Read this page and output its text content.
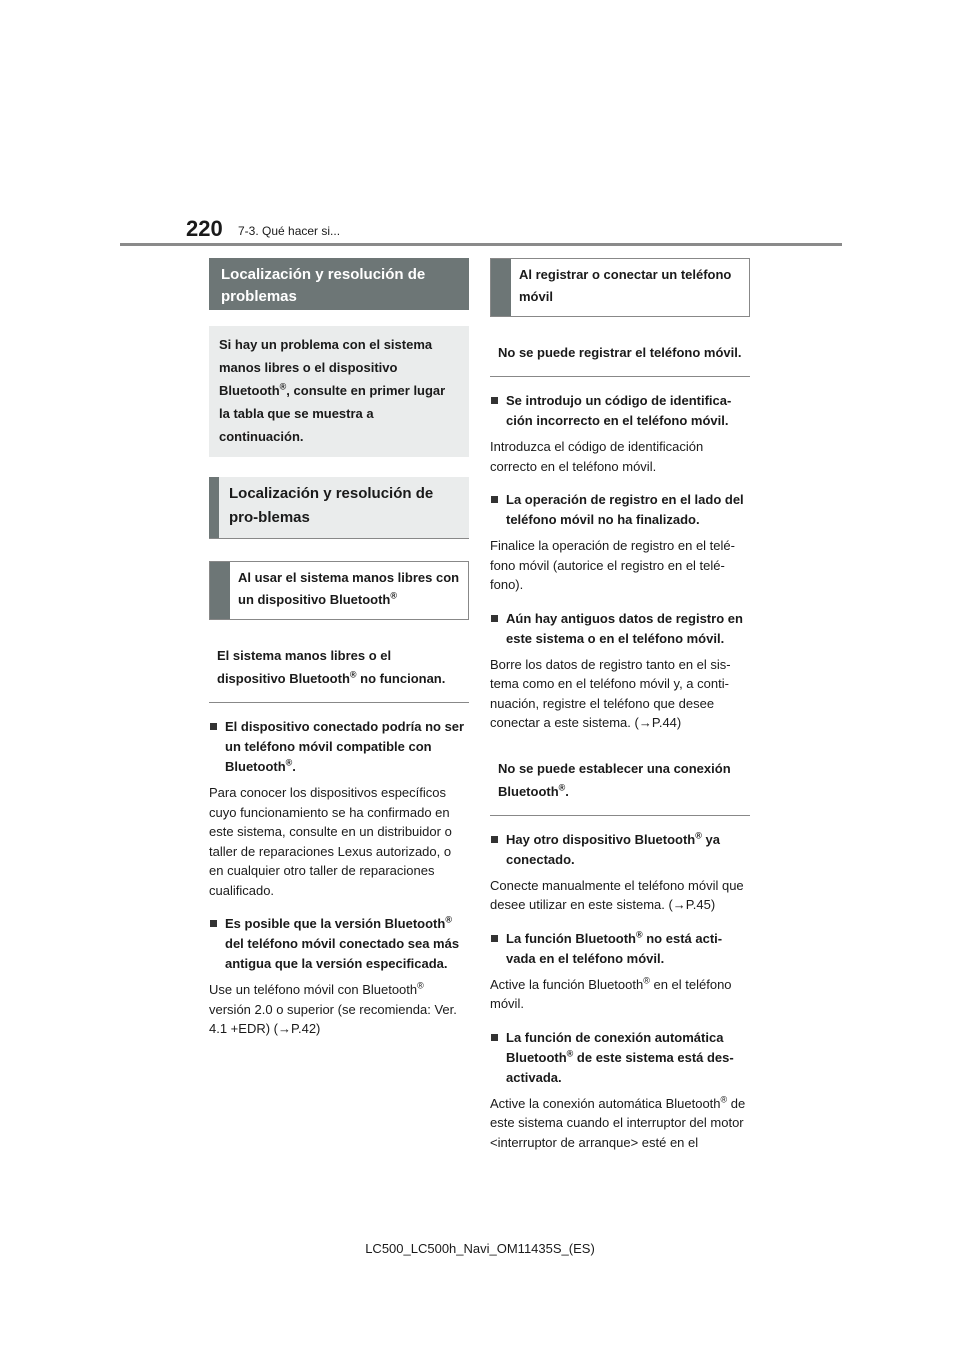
220 7-3. Qué hacer si...
Localización y resolución de problemas
Si hay un problema con el sistema manos libres o el dispositivo Bluetooth®, consulte en primer lugar la tabla que se muestra a continuación.
Localización y resolución de pro-blemas
Al usar el sistema manos libres con un dispositivo Bluetooth®
El sistema manos libres o el dispositivo Bluetooth® no funcionan.
El dispositivo conectado podría no ser un teléfono móvil compatible con Bluetooth®.
Para conocer los dispositivos específicos cuyo funcionamiento se ha confirmado en este sistema, consulte en un distribuidor o taller de reparaciones Lexus autorizado, o en cualquier otro taller de reparaciones cualificado.
Es posible que la versión Bluetooth® del teléfono móvil conectado sea más antigua que la versión especificada.
Use un teléfono móvil con Bluetooth® versión 2.0 o superior (se recomienda: Ver. 4.1 +EDR) (→P.42)
Al registrar o conectar un teléfono móvil
No se puede registrar el teléfono móvil.
Se introdujo un código de identifica-ción incorrecto en el teléfono móvil.
Introduzca el código de identificación correcto en el teléfono móvil.
La operación de registro en el lado del teléfono móvil no ha finalizado.
Finalice la operación de registro en el telé-fono móvil (autorice el registro en el telé-fono).
Aún hay antiguos datos de registro en este sistema o en el teléfono móvil.
Borre los datos de registro tanto en el sis-tema como en el teléfono móvil y, a conti-nuación, registre el teléfono que desee conectar a este sistema. (→P.44)
No se puede establecer una conexión Bluetooth®.
Hay otro dispositivo Bluetooth® ya conectado.
Conecte manualmente el teléfono móvil que desee utilizar en este sistema. (→P.45)
La función Bluetooth® no está acti-vada en el teléfono móvil.
Active la función Bluetooth® en el teléfono móvil.
La función de conexión automática Bluetooth® de este sistema está des-activada.
Active la conexión automática Bluetooth® de este sistema cuando el interruptor del motor <interruptor de arranque> esté en el
LC500_LC500h_Navi_OM11435S_(ES)
